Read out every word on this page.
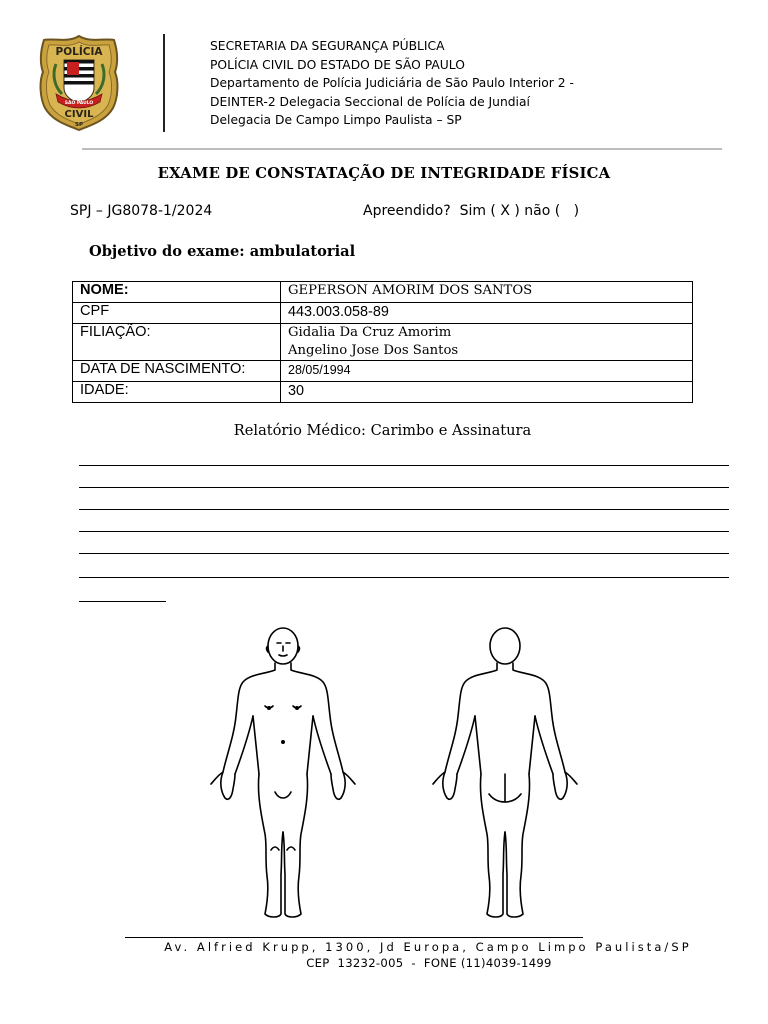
POLÍCIA
SÃO PAULO
CIVIL
SP
SECRETARIA DA SEGURANÇA PÚBLICA
POLÍCIA CIVIL DO ESTADO DE SÃO PAULO
Departamento de Polícia Judiciária de São Paulo Interior 2 -
DEINTER-2 Delegacia Seccional de Polícia de Jundiaí
Delegacia De Campo Limpo Paulista – SP
EXAME DE CONSTATAÇÃO DE INTEGRIDADE FÍSICA
SPJ – JG8078-1/2024	Apreendido?  Sim ( X ) não (   )
Objetivo do exame: ambulatorial
NOME:	GEPERSON AMORIM DOS SANTOS
CPF	443.003.058-89
FILIAÇÃO:	Gidalia Da Cruz Amorim
Angelino Jose Dos Santos

DATA DE NASCIMENTO:	28/05/1994
IDADE:	30
Relatório Médico: Carimbo e Assinatura
Av. Alfried Krupp, 1300, Jd Europa, Campo Limpo Paulista/SP
CEP  13232-005  -  FONE (11)4039-1499
